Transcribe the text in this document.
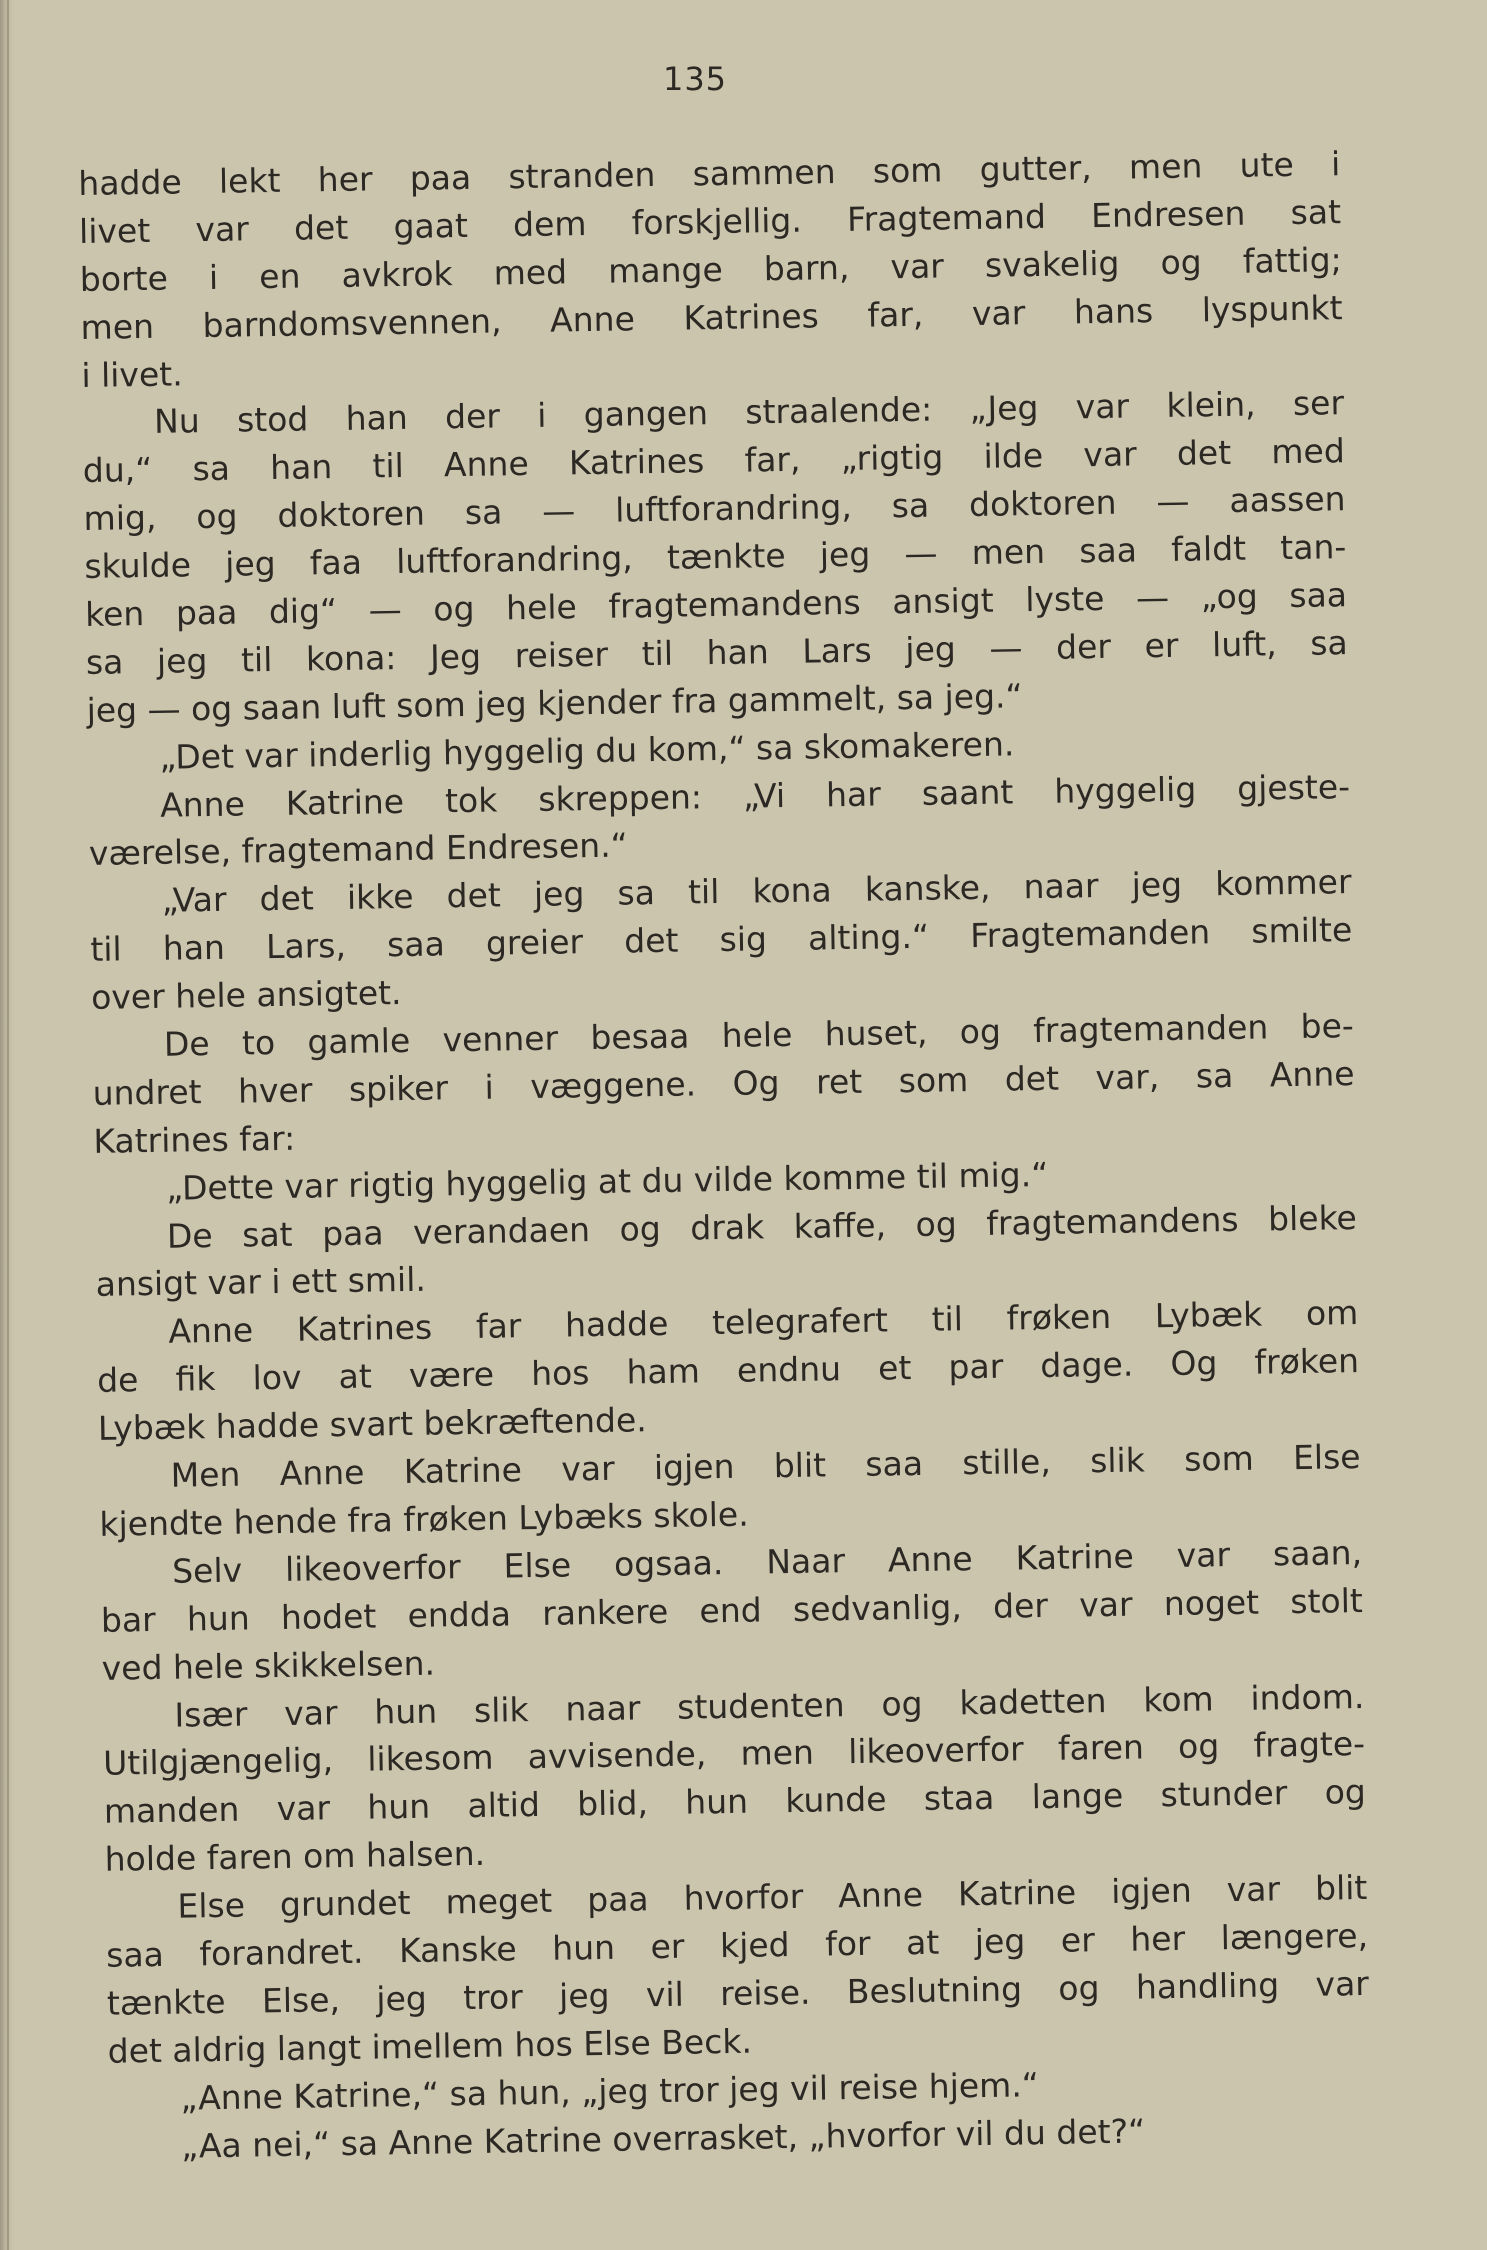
135
hadde lekt her paa stranden sammen som gutter, men ute i
livet var det gaat dem forskjellig. Fragtemand Endresen sat
borte i en avkrok med mange barn, var svakelig og fattig;
men barndomsvennen, Anne Katrines far, var hans lyspunkt
i livet.
Nu stod han der i gangen straalende: „Jeg var klein, ser
du,“ sa han til Anne Katrines far, „rigtig ilde var det med
mig, og doktoren sa — luftforandring, sa doktoren — aassen
skulde jeg faa luftforandring, tænkte jeg — men saa faldt tan-
ken paa dig“ — og hele fragtemandens ansigt lyste — „og saa
sa jeg til kona: Jeg reiser til han Lars jeg — der er luft, sa
jeg — og saan luft som jeg kjender fra gammelt, sa jeg.“
„Det var inderlig hyggelig du kom,“ sa skomakeren.
Anne Katrine tok skreppen: „Vi har saant hyggelig gjeste-
værelse, fragtemand Endresen.“
„Var det ikke det jeg sa til kona kanske, naar jeg kommer
til han Lars, saa greier det sig alting.“ Fragtemanden smilte
over hele ansigtet.
De to gamle venner besaa hele huset, og fragtemanden be-
undret hver spiker i væggene. Og ret som det var, sa Anne
Katrines far:
„Dette var rigtig hyggelig at du vilde komme til mig.“
De sat paa verandaen og drak kaffe, og fragtemandens bleke
ansigt var i ett smil.
Anne Katrines far hadde telegrafert til frøken Lybæk om
de fik lov at være hos ham endnu et par dage. Og frøken
Lybæk hadde svart bekræftende.
Men Anne Katrine var igjen blit saa stille, slik som Else
kjendte hende fra frøken Lybæks skole.
Selv likeoverfor Else ogsaa. Naar Anne Katrine var saan,
bar hun hodet endda rankere end sedvanlig, der var noget stolt
ved hele skikkelsen.
Især var hun slik naar studenten og kadetten kom indom.
Utilgjængelig, likesom avvisende, men likeoverfor faren og fragte-
manden var hun altid blid, hun kunde staa lange stunder og
holde faren om halsen.
Else grundet meget paa hvorfor Anne Katrine igjen var blit
saa forandret. Kanske hun er kjed for at jeg er her længere,
tænkte Else, jeg tror jeg vil reise. Beslutning og handling var
det aldrig langt imellem hos Else Beck.
„Anne Katrine,“ sa hun, „jeg tror jeg vil reise hjem.“
„Aa nei,“ sa Anne Katrine overrasket, „hvorfor vil du det?“
